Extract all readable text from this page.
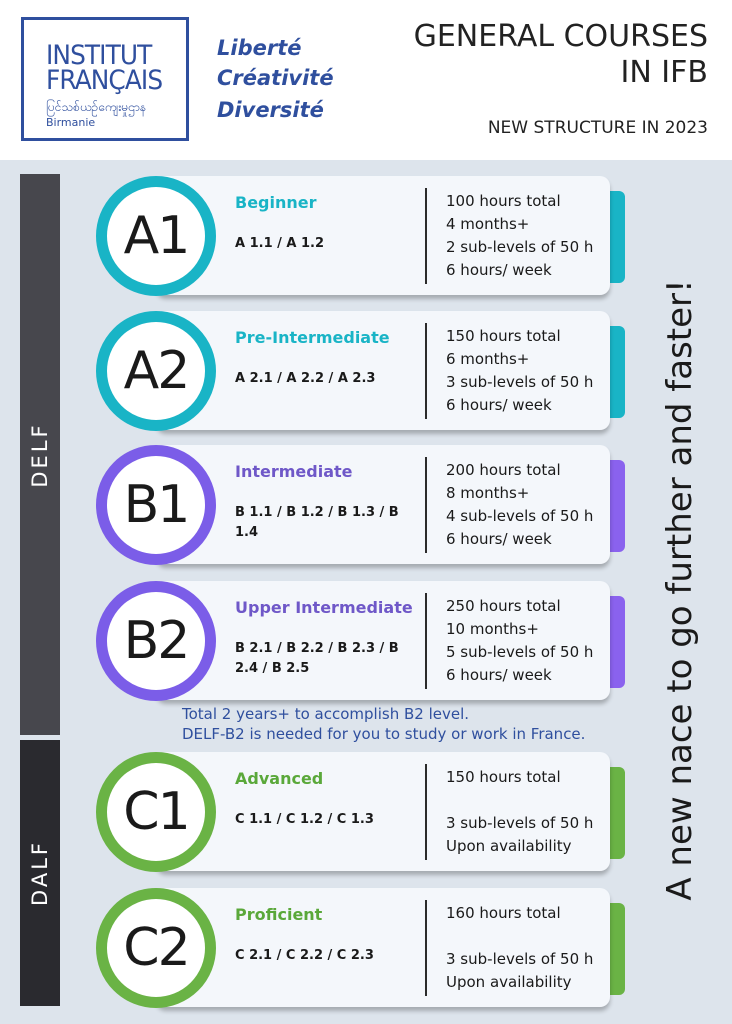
INSTITUT
FRANÇAIS
ပြင်သစ်ယဉ်ကျေးမှုဌာန
Birmanie
Liberté
Créativité
Diversité
GENERAL COURSES
IN IFB
NEW STRUCTURE IN 2023
DELF
DALF	A new nace to go further and faster!
Beginner
A 1.1 / A 1.2
100 hours total
4 months+
2 sub-levels of 50 h
6 hours/ week
A1
Pre-Intermediate
A 2.1 / A 2.2 / A 2.3
150 hours total
6 months+
3 sub-levels of 50 h
6 hours/ week
A2
Intermediate
B 1.1 / B 1.2 / B 1.3 / B 1.4
200 hours total
8 months+
4 sub-levels of 50 h
6 hours/ week
B1
Upper Intermediate
B 2.1 / B 2.2 / B 2.3 / B 2.4 / B 2.5
250 hours total
10 months+
5 sub-levels of 50 h
6 hours/ week
B2
Total 2 years+ to accomplish B2 level.
DELF-B2 is needed for you to study or work in France.
Advanced
C 1.1 / C 1.2 / C 1.3
150 hours total
3 sub-levels of 50 h
Upon availability
C1
Proficient
C 2.1 / C 2.2 / C 2.3
160 hours total
3 sub-levels of 50 h
Upon availability
C2
